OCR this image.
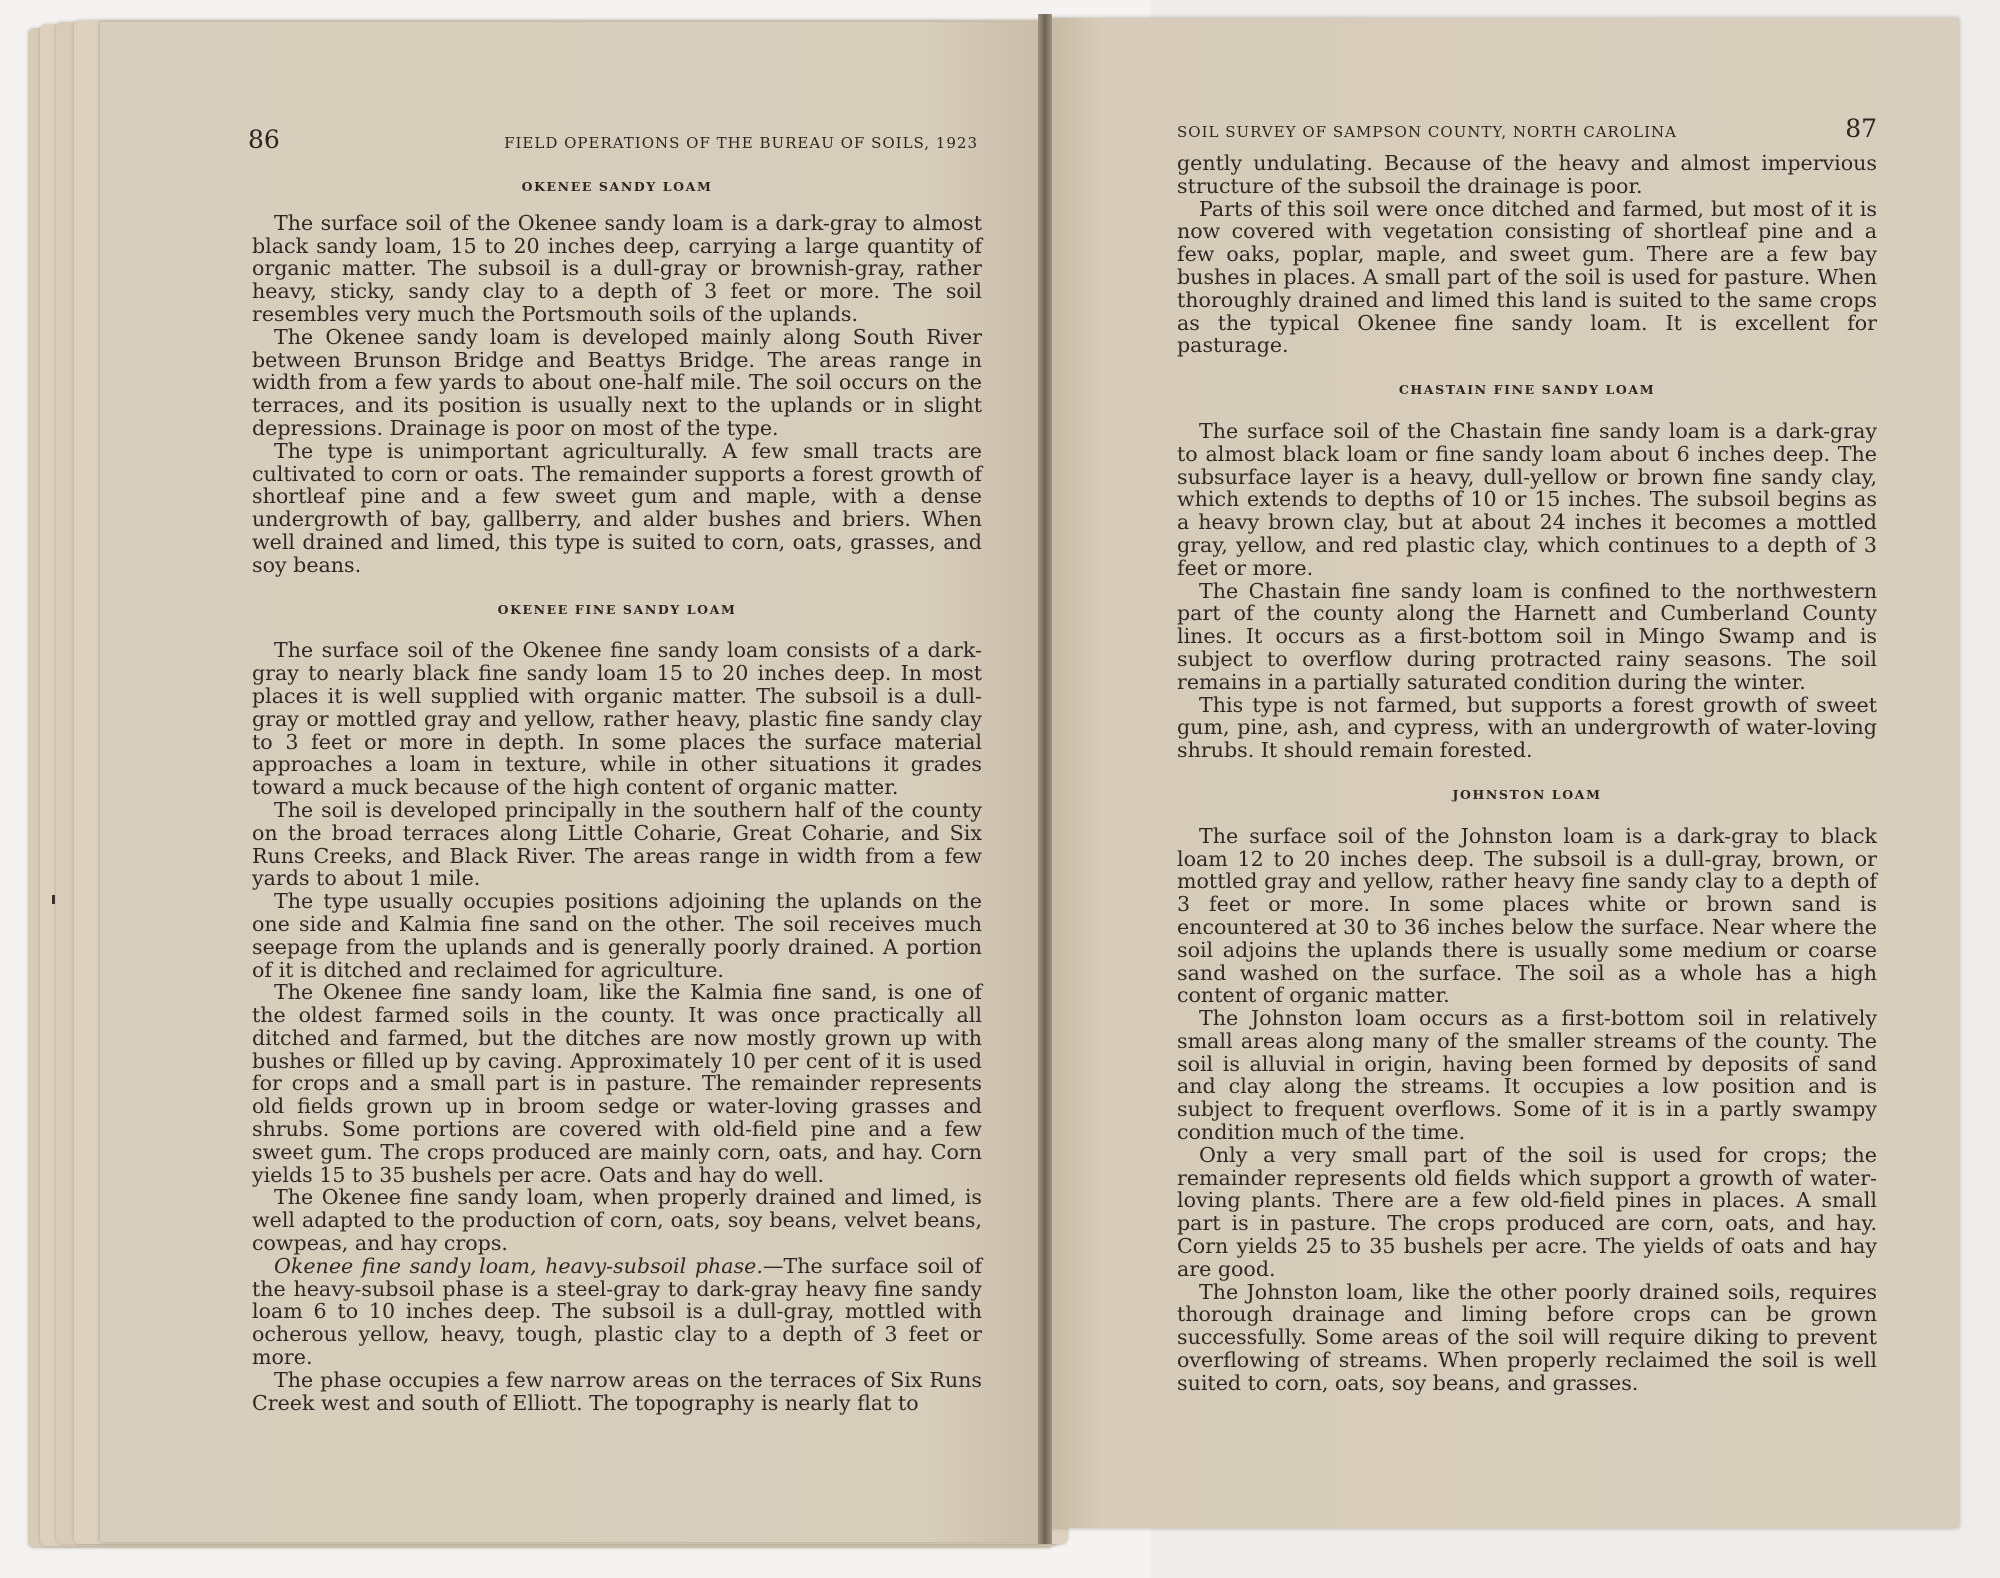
86	FIELD OPERATIONS OF THE BUREAU OF SOILS, 1923
OKENEE SANDY LOAM

The surface soil of the Okenee sandy loam is a dark-gray to almost black sandy loam, 15 to 20 inches deep, carrying a large quantity of organic matter. The subsoil is a dull-gray or brownish-gray, rather heavy, sticky, sandy clay to a depth of 3 feet or more. The soil resembles very much the Portsmouth soils of the uplands.

The Okenee sandy loam is developed mainly along South River between Brunson Bridge and Beattys Bridge. The areas range in width from a few yards to about one-half mile. The soil occurs on the terraces, and its position is usually next to the uplands or in slight depressions. Drainage is poor on most of the type.

The type is unimportant agriculturally. A few small tracts are cultivated to corn or oats. The remainder supports a forest growth of shortleaf pine and a few sweet gum and maple, with a dense undergrowth of bay, gallberry, and alder bushes and briers. When well drained and limed, this type is suited to corn, oats, grasses, and soy beans.

OKENEE FINE SANDY LOAM

The surface soil of the Okenee fine sandy loam consists of a dark-gray to nearly black fine sandy loam 15 to 20 inches deep. In most places it is well supplied with organic matter. The subsoil is a dull-gray or mottled gray and yellow, rather heavy, plastic fine sandy clay to 3 feet or more in depth. In some places the surface material approaches a loam in texture, while in other situations it grades toward a muck because of the high content of organic matter.

The soil is developed principally in the southern half of the county on the broad terraces along Little Coharie, Great Coharie, and Six Runs Creeks, and Black River. The areas range in width from a few yards to about 1 mile.

The type usually occupies positions adjoining the uplands on the one side and Kalmia fine sand on the other. The soil receives much seepage from the uplands and is generally poorly drained. A portion of it is ditched and reclaimed for agriculture.

The Okenee fine sandy loam, like the Kalmia fine sand, is one of the oldest farmed soils in the county. It was once practically all ditched and farmed, but the ditches are now mostly grown up with bushes or filled up by caving. Approximately 10 per cent of it is used for crops and a small part is in pasture. The remainder represents old fields grown up in broom sedge or water-loving grasses and shrubs. Some portions are covered with old-field pine and a few sweet gum. The crops produced are mainly corn, oats, and hay. Corn yields 15 to 35 bushels per acre. Oats and hay do well.

The Okenee fine sandy loam, when properly drained and limed, is well adapted to the production of corn, oats, soy beans, velvet beans, cowpeas, and hay crops.

Okenee fine sandy loam, heavy-subsoil phase.—The surface soil of the heavy-subsoil phase is a steel-gray to dark-gray heavy fine sandy loam 6 to 10 inches deep. The subsoil is a dull-gray, mottled with ocherous yellow, heavy, tough, plastic clay to a depth of 3 feet or more.

The phase occupies a few narrow areas on the terraces of Six Runs Creek west and south of Elliott. The topography is nearly flat to

SOIL SURVEY OF SAMPSON COUNTY, NORTH CAROLINA	87

gently undulating. Because of the heavy and almost impervious structure of the subsoil the drainage is poor.

Parts of this soil were once ditched and farmed, but most of it is now covered with vegetation consisting of shortleaf pine and a few oaks, poplar, maple, and sweet gum. There are a few bay bushes in places. A small part of the soil is used for pasture. When thoroughly drained and limed this land is suited to the same crops as the typical Okenee fine sandy loam. It is excellent for pasturage.

CHASTAIN FINE SANDY LOAM

The surface soil of the Chastain fine sandy loam is a dark-gray to almost black loam or fine sandy loam about 6 inches deep. The subsurface layer is a heavy, dull-yellow or brown fine sandy clay, which extends to depths of 10 or 15 inches. The subsoil begins as a heavy brown clay, but at about 24 inches it becomes a mottled gray, yellow, and red plastic clay, which continues to a depth of 3 feet or more.

The Chastain fine sandy loam is confined to the northwestern part of the county along the Harnett and Cumberland County lines. It occurs as a first-bottom soil in Mingo Swamp and is subject to overflow during protracted rainy seasons. The soil remains in a partially saturated condition during the winter.

This type is not farmed, but supports a forest growth of sweet gum, pine, ash, and cypress, with an undergrowth of water-loving shrubs. It should remain forested.

JOHNSTON LOAM

The surface soil of the Johnston loam is a dark-gray to black loam 12 to 20 inches deep. The subsoil is a dull-gray, brown, or mottled gray and yellow, rather heavy fine sandy clay to a depth of 3 feet or more. In some places white or brown sand is encountered at 30 to 36 inches below the surface. Near where the soil adjoins the uplands there is usually some medium or coarse sand washed on the surface. The soil as a whole has a high content of organic matter.

The Johnston loam occurs as a first-bottom soil in relatively small areas along many of the smaller streams of the county. The soil is alluvial in origin, having been formed by deposits of sand and clay along the streams. It occupies a low position and is subject to frequent overflows. Some of it is in a partly swampy condition much of the time.

Only a very small part of the soil is used for crops; the remainder represents old fields which support a growth of water-loving plants. There are a few old-field pines in places. A small part is in pasture. The crops produced are corn, oats, and hay. Corn yields 25 to 35 bushels per acre. The yields of oats and hay are good.

The Johnston loam, like the other poorly drained soils, requires thorough drainage and liming before crops can be grown successfully. Some areas of the soil will require diking to prevent overflowing of streams. When properly reclaimed the soil is well suited to corn, oats, soy beans, and grasses.
